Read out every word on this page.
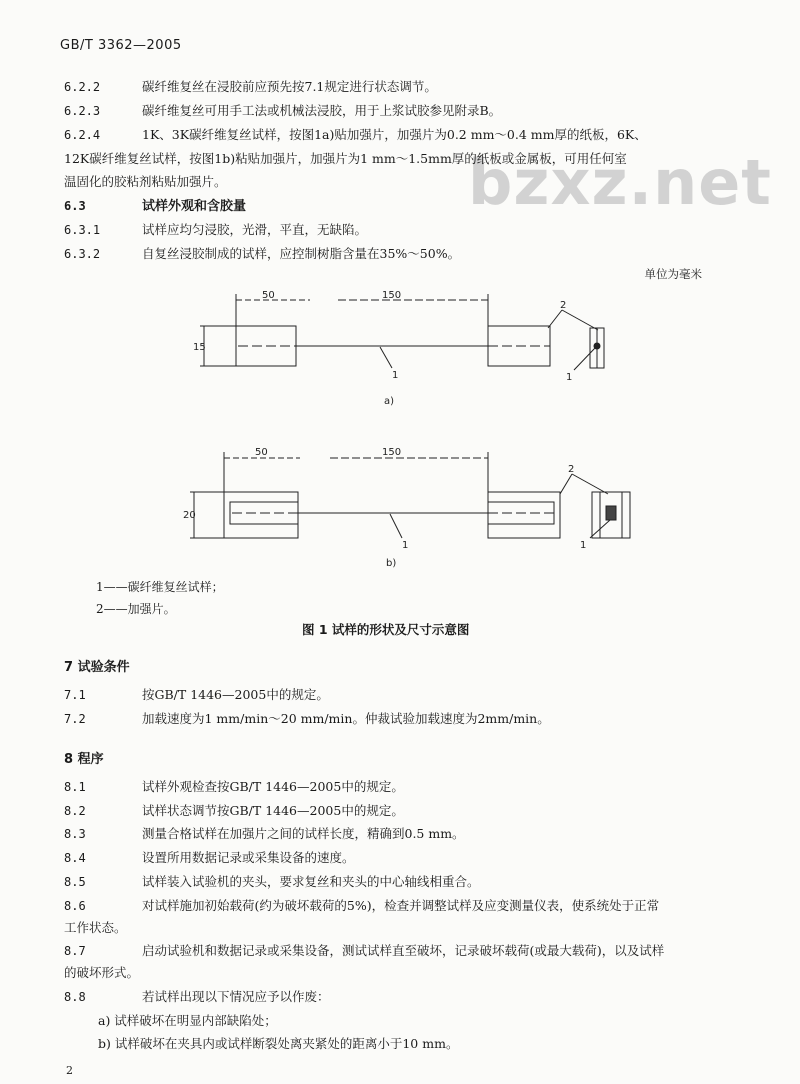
GB/T 3362—2005
bzxz.net
6.2.2	碳纤维复丝在浸胶前应预先按7.1规定进行状态调节。
6.2.3	碳纤维复丝可用手工法或机械法浸胶，用于上浆试胶参见附录B。
6.2.4	1K、3K碳纤维复丝试样，按图1a)贴加强片，加强片为0.2 mm～0.4 mm厚的纸板，6K、
12K碳纤维复丝试样，按图1b)粘贴加强片，加强片为1 mm～1.5mm厚的纸板或金属板，可用任何室
温固化的胶粘剂粘贴加强片。
6.3	试样外观和含胶量
6.3.1	试样应均匀浸胶，光滑，平直，无缺陷。
6.3.2	自复丝浸胶制成的试样，应控制树脂含量在35%～50%。
单位为毫米
50	150
15
1
2
1
a)
50	150
20
1
2
1
b)
1——碳纤维复丝试样；
2——加强片。
图 1 试样的形状及尺寸示意图
7 试验条件
7.1	按GB/T 1446—2005中的规定。
7.2	加载速度为1 mm/min～20 mm/min。仲裁试验加载速度为2mm/min。
8 程序
8.1	试样外观检查按GB/T 1446—2005中的规定。
8.2	试样状态调节按GB/T 1446—2005中的规定。
8.3	测量合格试样在加强片之间的试样长度，精确到0.5 mm。
8.4	设置所用数据记录或采集设备的速度。
8.5	试样装入试验机的夹头，要求复丝和夹头的中心轴线相重合。
8.6	对试样施加初始载荷(约为破坏载荷的5%)，检查并调整试样及应变测量仪表，使系统处于正常
工作状态。
8.7	启动试验机和数据记录或采集设备，测试试样直至破坏，记录破坏载荷(或最大载荷)，以及试样
的破坏形式。
8.8	若试样出现以下情况应予以作废：
a) 试样破坏在明显内部缺陷处；
b) 试样破坏在夹具内或试样断裂处离夹紧处的距离小于10 mm。
2
